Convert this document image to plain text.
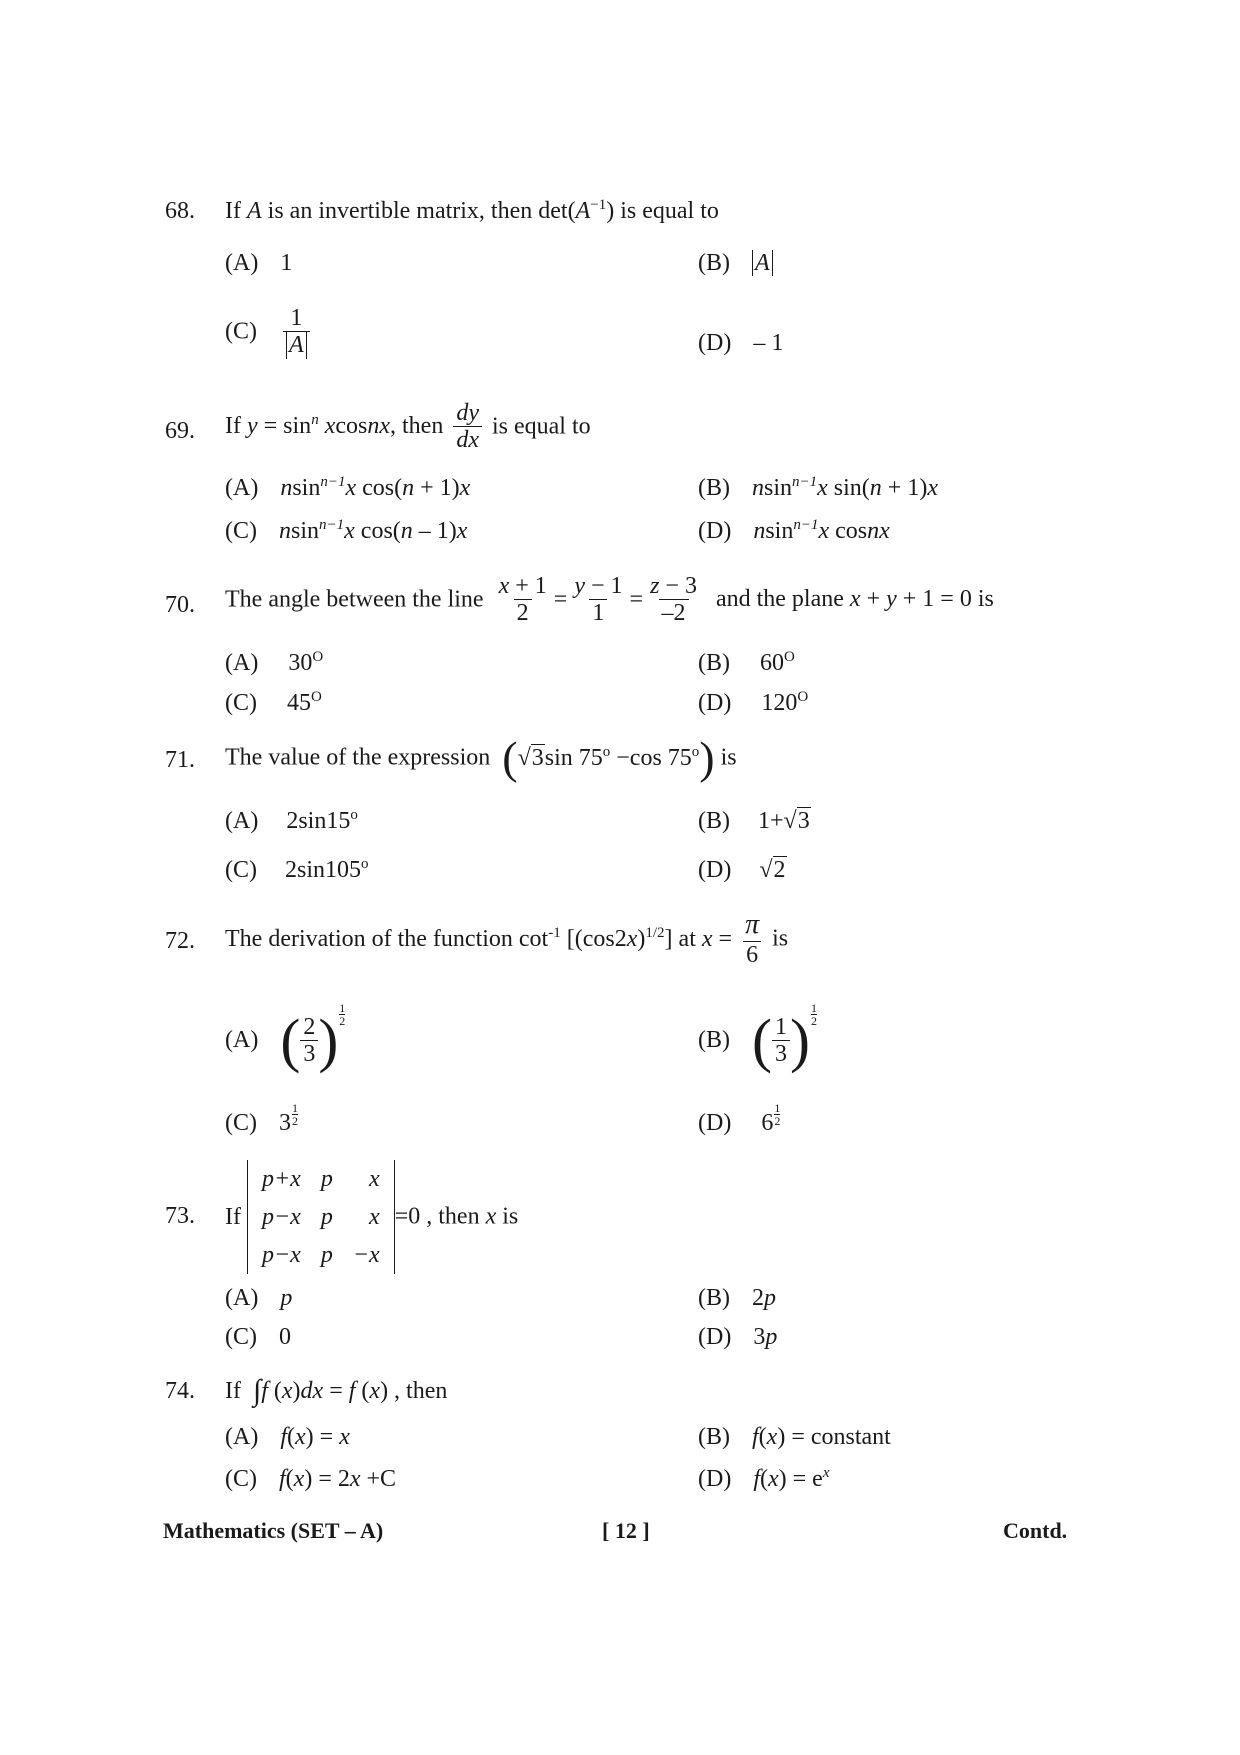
68. If A is an invertible matrix, then $\det(A^{-1})$ is equal to
(A) 1	(B) A
$(C) \frac{1}{A}$	(D) – 1
69. If $y = \sin^n$ xcosnx, then $\frac{dy}{dx}$ is equal to
(A) nsin$^{n-1}$x cos(n + 1)x	(B) nsin$^{n-1}$x sin(n + 1)x
(C) nsin$^{n-1}$x cos(n – 1)x	(D) nsin$^{n-1}$x cosnx
70. The angle between the line $\frac{x + 1}{2} = \frac{y - 1}{1} = \frac{z - 3}{-2}$ and the plane x + y + 1 = 0 is
(A) $30^O$	(B) $60^O$
(C) $45^O$	(D) $120^O$
71. The value of the expression (√3sin $75^o -\cos$ 75$^o$) is
(A) 2sin15$^o$	(B) 1+√3
(C) 2sin105$^o$	(D) √2
72. The derivation of the function $\cot^{-1} [(\cos 2x)^{1/2}]$ at $x = \frac{\pi}{6}$ is
(A) ( $\frac{2}{3}$ ) $\frac{1}{2}$
(B) ( $\frac{1}{3}$ ) $\frac{1}{2}$
(C) $3 \frac{1}{2}$	(D) $6 \frac{1}{2}$
73. If
p+x	p	x
p−x	p	x
p−x	p	−x
=0 , then x is
(A) p	(B) 2p
(C) 0	(D) 3p
74. If ∫f (x)dx = f (x) , then
(A) f(x) = x	(B) f(x) = constant
(C) f(x) = 2x +C	(D) $f(x) = e^x$
Mathematics (SET – A)	[ 12 ]	Contd.
